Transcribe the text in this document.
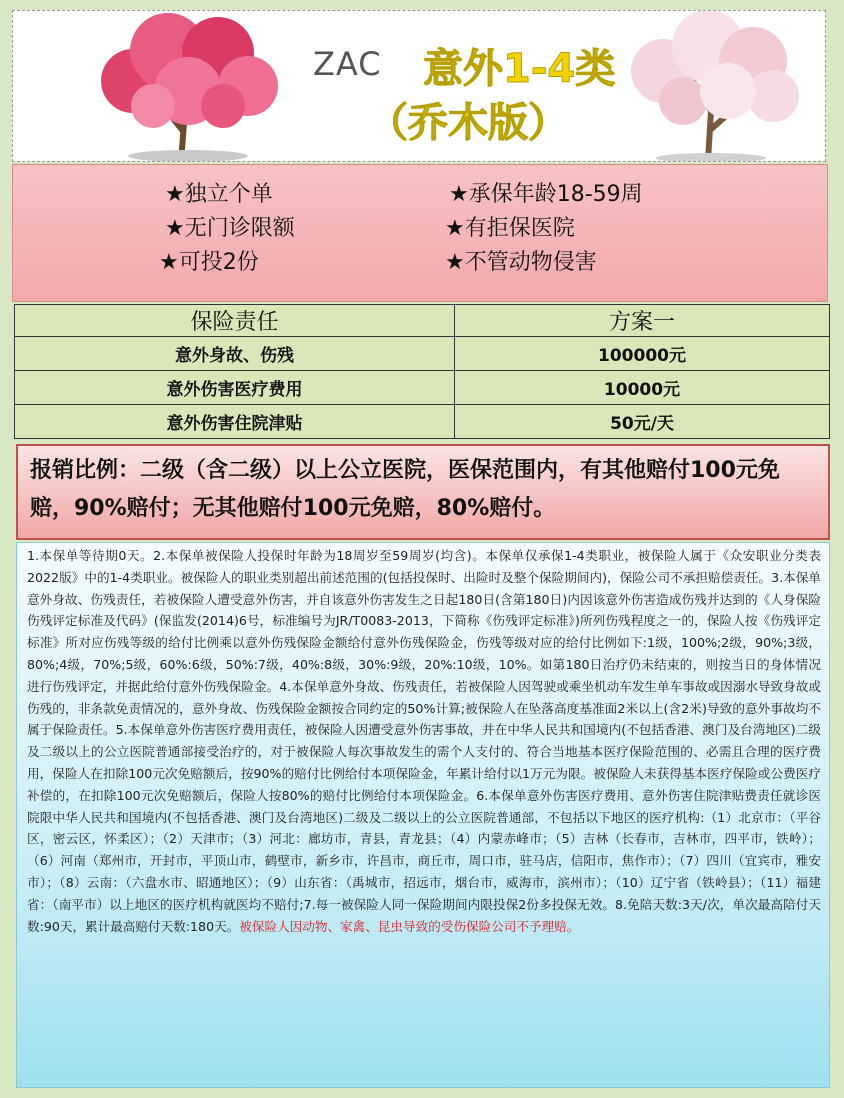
ZAC 意外1-4类
（乔木版）
★独立个单	★承保年龄18-59周
★无门诊限额	★有拒保医院
★可投2份	★不管动物侵害
保险责任	方案一
意外身故、伤残	100000元
意外伤害医疗费用	10000元
意外伤害住院津贴	50元/天
报销比例：二级（含二级）以上公立医院，医保范围内，有其他赔付100元免赔，90%赔付；无其他赔付100元免赔，80%赔付。
1.本保单等待期0天。2.本保单被保险人投保时年龄为18周岁至59周岁(均含)。本保单仅承保1-4类职业，被保险人属于《众安职业分类表 2022版》中的1-4类职业。被保险人的职业类别超出前述范围的(包括投保时、出险时及整个保险期间内)，保险公司不承担赔偿责任。3.本保单意外身故、伤残责任，若被保险人遭受意外伤害，并自该意外伤害发生之日起180日(含第180日)内因该意外伤害造成伤残并达到的《人身保险伤残评定标准及代码》(保监发(2014)6号，标准编号为JR/T0083-2013，下简称《伤残评定标准》)所列伤残程度之一的，保险人按《伤残评定标准》所对应伤残等级的给付比例乘以意外伤残保险金额给付意外伤残保险金，伤残等级对应的给付比例如下:1级，100%;2级，90%;3级，80%;4级，70%;5级，60%:6级，50%:7级，40%:8级，30%:9级，20%:10级，10%。如第180日治疗仍未结束的，则按当日的身体情况进行伤残评定，并据此给付意外伤残保险金。4.本保单意外身故、伤残责任，若被保险人因驾驶或乘坐机动车发生单车事故或因溺水导致身故或伤残的，非条款免责情况的，意外身故、伤残保险金额按合同约定的50%计算;被保险人在坠落高度基准面2米以上(含2米)导致的意外事故均不属于保险责任。5.本保单意外伤害医疗费用责任，被保险人因遭受意外伤害事故，并在中华人民共和国境内(不包括香港、澳门及台湾地区)二级及二级以上的公立医院普通部接受治疗的，对于被保险人每次事故发生的需个人支付的、符合当地基本医疗保险范围的、必需且合理的医疗费用，保险人在扣除100元次免赔额后，按90%的赔付比例给付本项保险金，年累计给付以1万元为限。被保险人未获得基本医疗保险或公费医疗补偿的，在扣除100元次免赔额后，保险人按80%的赔付比例给付本项保险金。6.本保单意外伤害医疗费用、意外伤害住院津贴费责任就诊医院限中华人民共和国境内(不包括香港、澳门及台湾地区)二级及二级以上的公立医院普通部，不包括以下地区的医疗机构:（1）北京市：（平谷区，密云区，怀柔区）；（2）天津市；（3）河北：廊坊市，青县，青龙县；（4）内蒙赤峰市；（5）吉林（长春市，吉林市，四平市，铁岭）；（6）河南（郑州市，开封市，平顶山市，鹤壁市，新乡市，许昌市，商丘市，周口市，驻马店，信阳市，焦作市）；（7）四川（宜宾市，雅安市）；（8）云南：（六盘水市、昭通地区）；（9）山东省：（禹城市，招远市，烟台市，威海市，滨州市）；（10）辽宁省（铁岭县）；（11）福建省：（南平市）以上地区的医疗机构就医均不赔付;7.每一被保险人同一保险期间内限投保2份多投保无效。8.免陪天数:3天/次，单次最高陪付天数:90天，累计最高赔付天数:180天。被保险人因动物、家禽、昆虫导致的受伤保险公司不予理赔。
